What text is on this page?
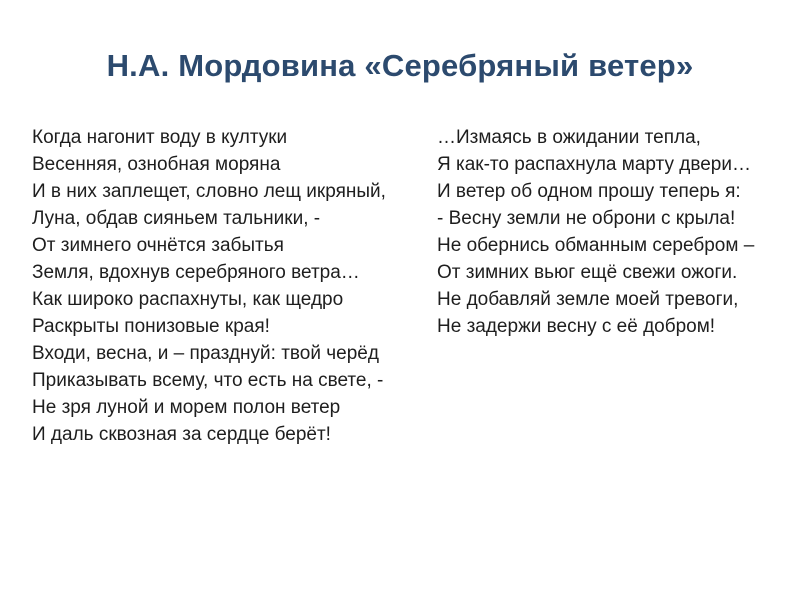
Н.А. Мордовина «Серебряный ветер»
Когда нагонит воду в култуки
Весенняя, ознобная моряна
И в них заплещет, словно лещ икряный,
Луна, обдав сияньем тальники, -
От зимнего очнётся забытья
Земля, вдохнув серебряного ветра…
Как широко распахнуты, как щедро
Раскрыты понизовые края!
Входи, весна, и – празднуй: твой черёд
Приказывать всему, что есть на свете, -
Не зря луной и морем полон ветер
И даль сквозная за сердце берёт!
…Измаясь в ожидании тепла,
Я как-то распахнула марту двери…
И ветер об одном прошу теперь я:
- Весну земли не оброни с крыла!
Не обернись обманным серебром –
От зимних вьюг ещё свежи ожоги.
Не добавляй земле моей тревоги,
Не задержи весну с её добром!
